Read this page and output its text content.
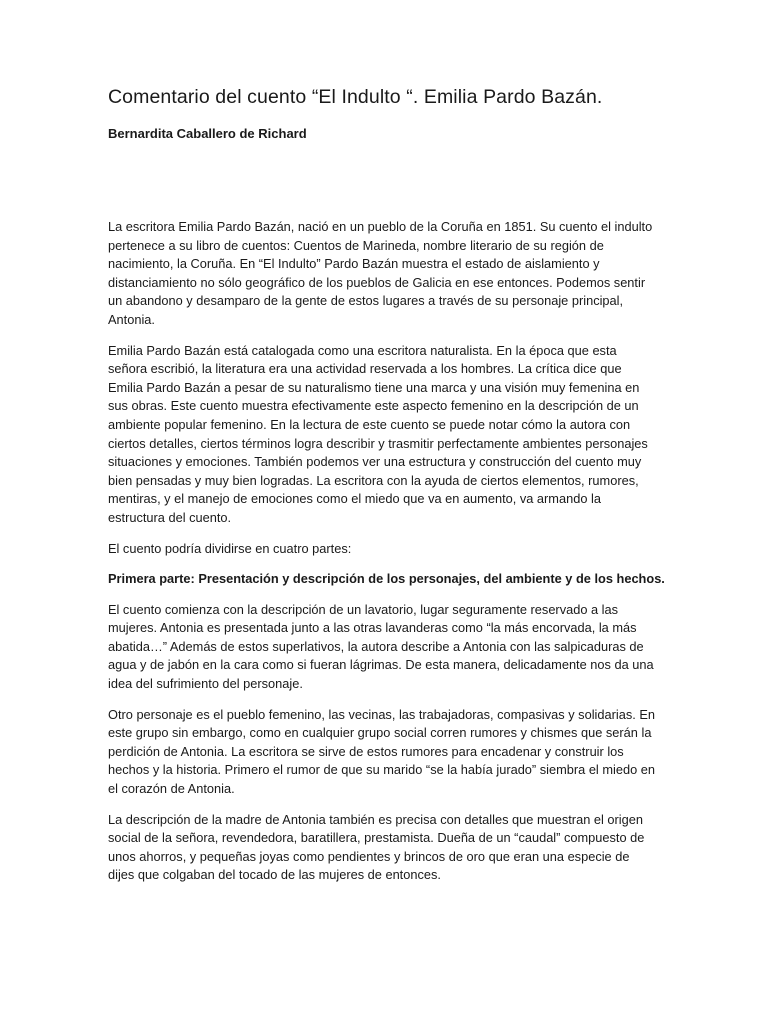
Comentario del cuento “El Indulto “. Emilia Pardo Bazán.
Bernardita Caballero de Richard

La escritora Emilia Pardo Bazán, nació en un pueblo de la Coruña en 1851. Su cuento el indulto pertenece a su libro de cuentos: Cuentos de Marineda, nombre literario de su región de nacimiento, la Coruña. En “El Indulto” Pardo Bazán muestra el estado de aislamiento y distanciamiento no sólo geográfico de los pueblos de Galicia en ese entonces. Podemos sentir un abandono y desamparo de la gente de estos lugares a través de su personaje principal, Antonia.

Emilia Pardo Bazán está catalogada como una escritora naturalista. En la época que esta señora escribió, la literatura era una actividad reservada a los hombres. La crítica dice que Emilia Pardo Bazán a pesar de su naturalismo tiene una marca y una visión muy femenina en sus obras. Este cuento muestra efectivamente este aspecto femenino en la descripción de un ambiente popular femenino. En la lectura de este cuento se puede notar cómo la autora con ciertos detalles, ciertos términos logra describir y trasmitir perfectamente ambientes personajes situaciones y emociones. También podemos ver una estructura y construcción del cuento muy bien pensadas y muy bien logradas. La escritora con la ayuda de ciertos elementos, rumores, mentiras, y el manejo de emociones como el miedo que va en aumento, va armando la estructura del cuento.

El cuento podría dividirse en cuatro partes:

Primera parte: Presentación y descripción de los personajes, del ambiente y de los hechos.

El cuento comienza con la descripción de un lavatorio, lugar seguramente reservado a las mujeres. Antonia es presentada junto a las otras lavanderas como “la más encorvada, la más abatida…” Además de estos superlativos, la autora describe a Antonia con las salpicaduras de agua y de jabón en la cara como si fueran lágrimas. De esta manera, delicadamente nos da una idea del sufrimiento del personaje.

Otro personaje es el pueblo femenino, las vecinas, las trabajadoras, compasivas y solidarias. En este grupo sin embargo, como en cualquier grupo social corren rumores y chismes que serán la perdición de Antonia. La escritora se sirve de estos rumores para encadenar y construir los hechos y la historia. Primero el rumor de que su marido “se la había jurado” siembra el miedo en el corazón de Antonia.

La descripción de la madre de Antonia también es precisa con detalles que muestran el origen social de la señora, revendedora, baratillera, prestamista. Dueña de un “caudal” compuesto de unos ahorros, y pequeñas joyas como pendientes y brincos de oro que eran una especie de dijes que colgaban del tocado de las mujeres de entonces.
